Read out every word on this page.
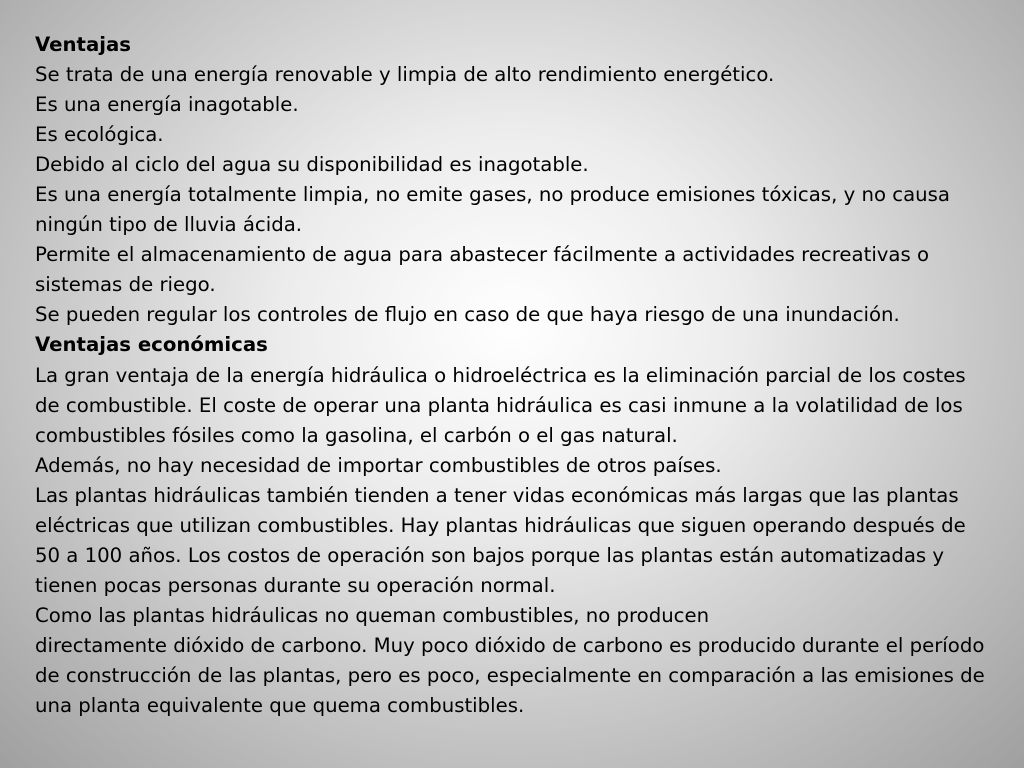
Ventajas

Se trata de una energía renovable y limpia de alto rendimiento energético.

Es una energía inagotable.

Es ecológica.

Debido al ciclo del agua su disponibilidad es inagotable.

Es una energía totalmente limpia, no emite gases, no produce emisiones tóxicas, y no causa ningún tipo de lluvia ácida.

Permite el almacenamiento de agua para abastecer fácilmente a actividades recreativas o sistemas de riego.

Se pueden regular los controles de flujo en caso de que haya riesgo de una inundación.

Ventajas económicas

La gran ventaja de la energía hidráulica o hidroeléctrica es la eliminación parcial de los costes de combustible. El coste de operar una planta hidráulica es casi inmune a la volatilidad de los combustibles fósiles como la gasolina, el carbón o el gas natural.

Además, no hay necesidad de importar combustibles de otros países.

Las plantas hidráulicas también tienden a tener vidas económicas más largas que las plantas eléctricas que utilizan combustibles. Hay plantas hidráulicas que siguen operando después de 50 a 100 años. Los costos de operación son bajos porque las plantas están automatizadas y tienen pocas personas durante su operación normal.

Como las plantas hidráulicas no queman combustibles, no producen

directamente dióxido de carbono. Muy poco dióxido de carbono es producido durante el período de construcción de las plantas, pero es poco, especialmente en comparación a las emisiones de una planta equivalente que quema combustibles.
